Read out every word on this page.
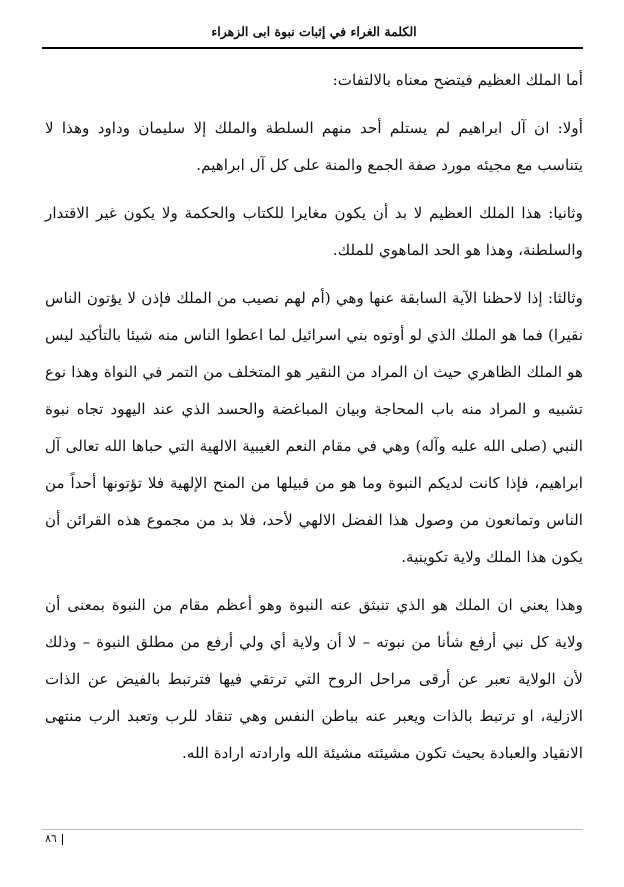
الكلمة الغراء في إثبات نبوة ابى الزهراء

أما الملك العظيم فيتضح معناه بالالتفات:

أولا: ان آل ابراهيم لم يستلم أحد منهم السلطة والملك إلا سليمان وداود وهذا لا يتناسب مع مجيئه مورد صفة الجمع والمنة على كل آل ابراهيم.

وثانيا: هذا الملك العظيم لا بد أن يكون مغايرا للكتاب والحكمة ولا يكون غير الاقتدار والسلطنة، وهذا هو الحد الماهوي للملك.

وثالثا: إذا لاحظنا الآية السابقة عنها وهي (أم لهم نصيب من الملك فإذن لا يؤتون الناس نقيرا) فما هو الملك الذي لو أوتوه بني اسرائيل لما اعطوا الناس منه شيئا بالتأكيد ليس هو الملك الظاهري حيث ان المراد من النقير هو المتخلف من التمر في النواة وهذا نوع تشبيه و المراد منه باب المحاجة وبيان المباغضة والحسد الذي عند اليهود تجاه نبوة النبي (صلى الله عليه وآله) وهي في مقام النعم الغيبية الالهية التي حباها الله تعالى آل ابراهيم، فإذا كانت لديكم النبوة وما هو من قبيلها من المنح الإلهية فلا تؤتونها أحداً من الناس وتمانعون من وصول هذا الفضل الالهي لأحد، فلا بد من مجموع هذه القرائن أن يكون هذا الملك ولاية تكوينية.

وهذا يعني ان الملك هو الذي تنبثق عنه النبوة وهو أعظم مقام من النبوة بمعنى أن ولاية كل نبي أرفع شأنا من نبوته – لا أن ولاية أي ولي أرفع من مطلق النبوة – وذلك لأن الولاية تعبر عن أرقى مراحل الروح التي ترتقي فيها فترتبط بالفيض عن الذات الازلية، او ترتبط بالذات ويعبر عنه بباطن النفس وهي تنقاد للرب وتعبد الرب منتهى الانقياد والعبادة بحيث تكون مشيئته مشيئة الله وارادته ارادة الله.

٨٦
